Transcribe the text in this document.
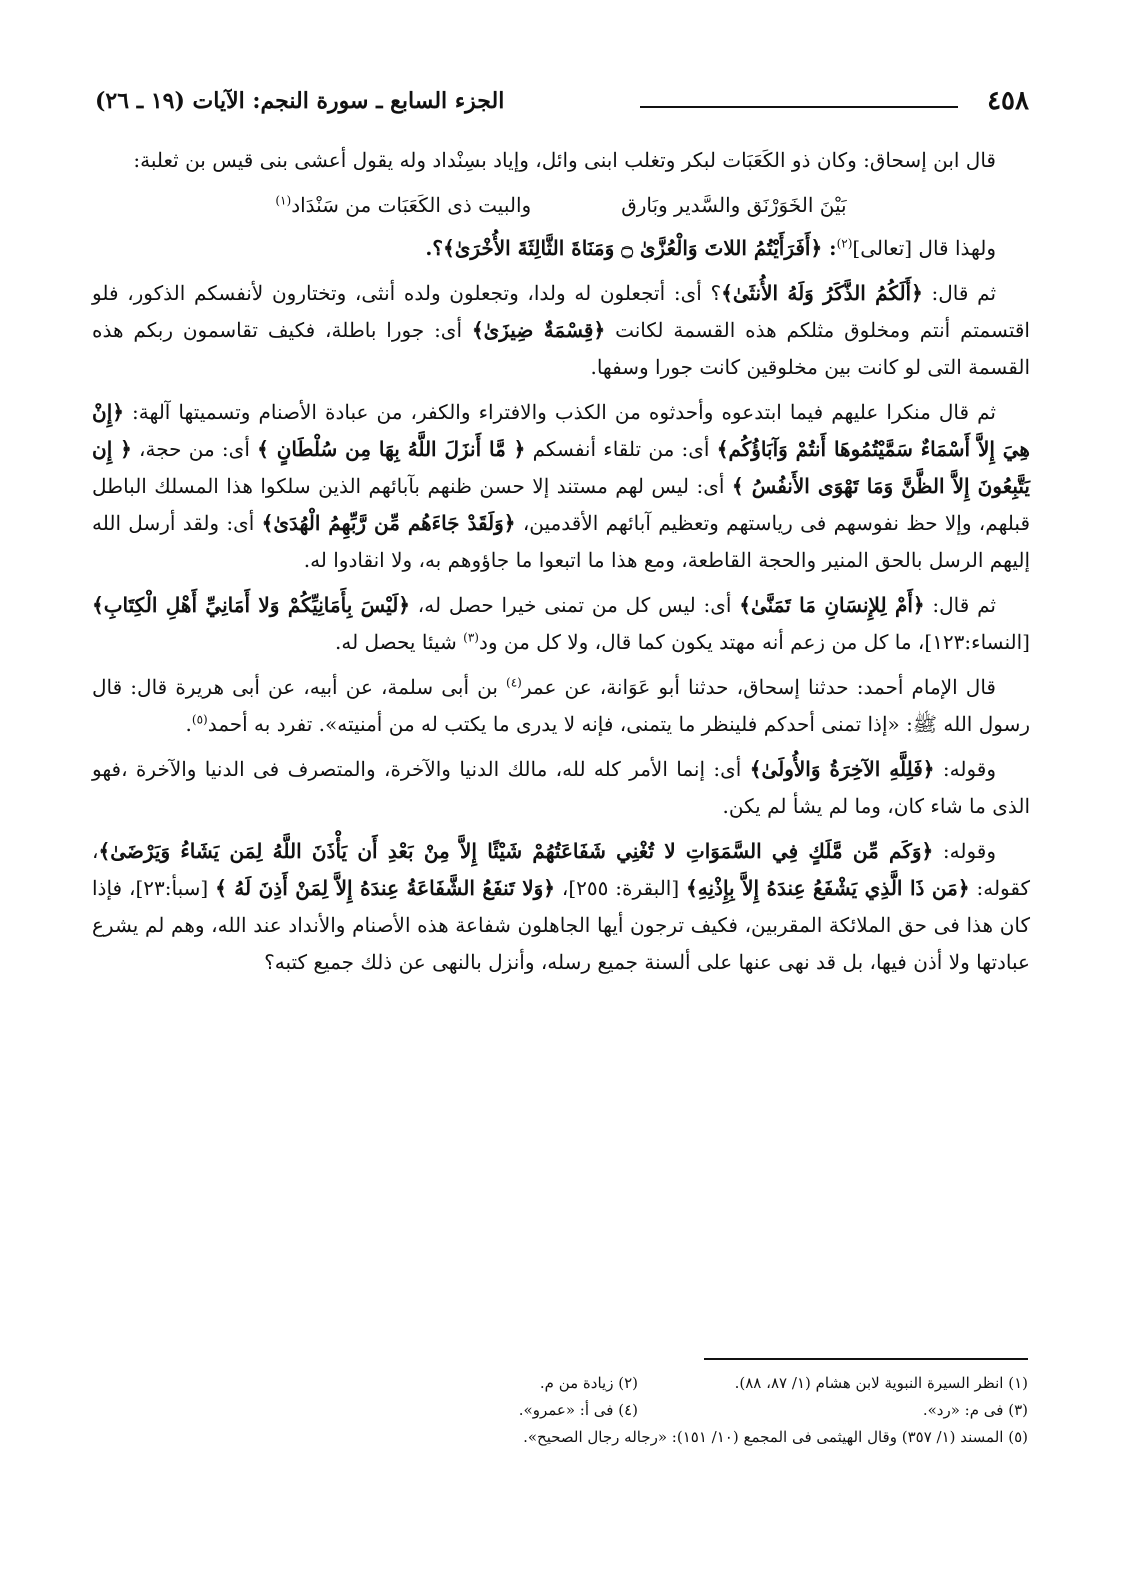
٤٥٨
الجزء السابع ـ سورة النجم: الآيات (١٩ ـ ٢٦)

قال ابن إسحاق: وكان ذو الكَعَبَات لبكر وتغلب ابنى وائل، وإياد بسِنْداد وله يقول أعشى بنى قيس بن ثعلبة:

بَيْنَ الخَوَرْنَق والسَّدير وبَارق
والبيت ذى الكَعَبَات من سَنْدَاد$^{(١)}$

ولهذا قال [تعالى]$^{(٢)}$: ﴿أَفَرَأَيْتُمُ اللاتَ وَالْعُزَّىٰ ۝ وَمَنَاةَ الثَّالِثَةَ الأُخْرَىٰ﴾؟.

ثم قال: ﴿أَلَكُمُ الذَّكَرُ وَلَهُ الأُنثَىٰ﴾؟ أى: أتجعلون له ولدا، وتجعلون ولده أنثى، وتختارون لأنفسكم الذكور، فلو اقتسمتم أنتم ومخلوق مثلكم هذه القسمة لكانت ﴿قِسْمَةٌ ضِيزَىٰ﴾ أى: جورا باطلة، فكيف تقاسمون ربكم هذه القسمة التى لو كانت بين مخلوقين كانت جورا وسفها.

ثم قال منكرا عليهم فيما ابتدعوه وأحدثوه من الكذب والافتراء والكفر، من عبادة الأصنام وتسميتها آلهة: ﴿إِنْ هِيَ إِلاَّ أَسْمَاءٌ سَمَّيْتُمُوهَا أَنتُمْ وَآبَاؤُكُم﴾ أى: من تلقاء أنفسكم ﴿ مَّا أَنزَلَ اللَّهُ بِهَا مِن سُلْطَانٍ ﴾ أى: من حجة، ﴿ إِن يَتَّبِعُونَ إِلاَّ الظَّنَّ وَمَا تَهْوَى الأَنفُسُ ﴾ أى: ليس لهم مستند إلا حسن ظنهم بآبائهم الذين سلكوا هذا المسلك الباطل قبلهم، وإلا حظ نفوسهم فى رياستهم وتعظيم آبائهم الأقدمين، ﴿وَلَقَدْ جَاءَهُم مِّن رَّبِّهِمُ الْهُدَىٰ﴾ أى: ولقد أرسل الله إليهم الرسل بالحق المنير والحجة القاطعة، ومع هذا ما اتبعوا ما جاؤوهم به، ولا انقادوا له.

ثم قال: ﴿أَمْ لِلإِنسَانِ مَا تَمَنَّىٰ﴾ أى: ليس كل من تمنى خيرا حصل له، ﴿لَيْسَ بِأَمَانِيِّكُمْ وَلا أَمَانِيِّ أَهْلِ الْكِتَابِ﴾ [النساء:١٢٣]، ما كل من زعم أنه مهتد يكون كما قال، ولا كل من ود$^{(٣)}$ شيئا يحصل له.

قال الإمام أحمد: حدثنا إسحاق، حدثنا أبو عَوَانة، عن عمر$^{(٤)}$ بن أبى سلمة، عن أبيه، عن أبى هريرة قال: قال رسول الله ﷺ: «إذا تمنى أحدكم فلينظر ما يتمنى، فإنه لا يدرى ما يكتب له من أمنيته». تفرد به أحمد$^{(٥)}$.

وقوله: ﴿فَلِلَّهِ الآخِرَةُ وَالأُولَىٰ﴾ أى: إنما الأمر كله لله، مالك الدنيا والآخرة، والمتصرف فى الدنيا والآخرة ،فهو الذى ما شاء كان، وما لم يشأ لم يكن.

وقوله: ﴿وَكَم مِّن مَّلَكٍ فِي السَّمَوَاتِ لا تُغْنِي شَفَاعَتُهُمْ شَيْئًا إِلاَّ مِنْ بَعْدِ أَن يَأْذَنَ اللَّهُ لِمَن يَشَاءُ وَيَرْضَىٰ﴾، كقوله: ﴿مَن ذَا الَّذِي يَشْفَعُ عِندَهُ إِلاَّ بِإِذْنِهِ﴾ [البقرة: ٢٥٥]، ﴿وَلا تَنفَعُ الشَّفَاعَةُ عِندَهُ إِلاَّ لِمَنْ أَذِنَ لَهُ ﴾ [سبأ:٢٣]، فإذا كان هذا فى حق الملائكة المقربين، فكيف ترجون أيها الجاهلون شفاعة هذه الأصنام والأنداد عند الله، وهم لم يشرع عبادتها ولا أذن فيها، بل قد نهى عنها على ألسنة جميع رسله، وأنزل بالنهى عن ذلك جميع كتبه؟

(١) انظر السيرة النبوية لابن هشام (١/ ٨٧، ٨٨).
(٢) زيادة من م.
(٣) فى م: «رد».
(٤) فى أ: «عمرو».
(٥) المسند (١/ ٣٥٧) وقال الهيثمى فى المجمع (١٠/ ١٥١): «رجاله رجال الصحيح».
